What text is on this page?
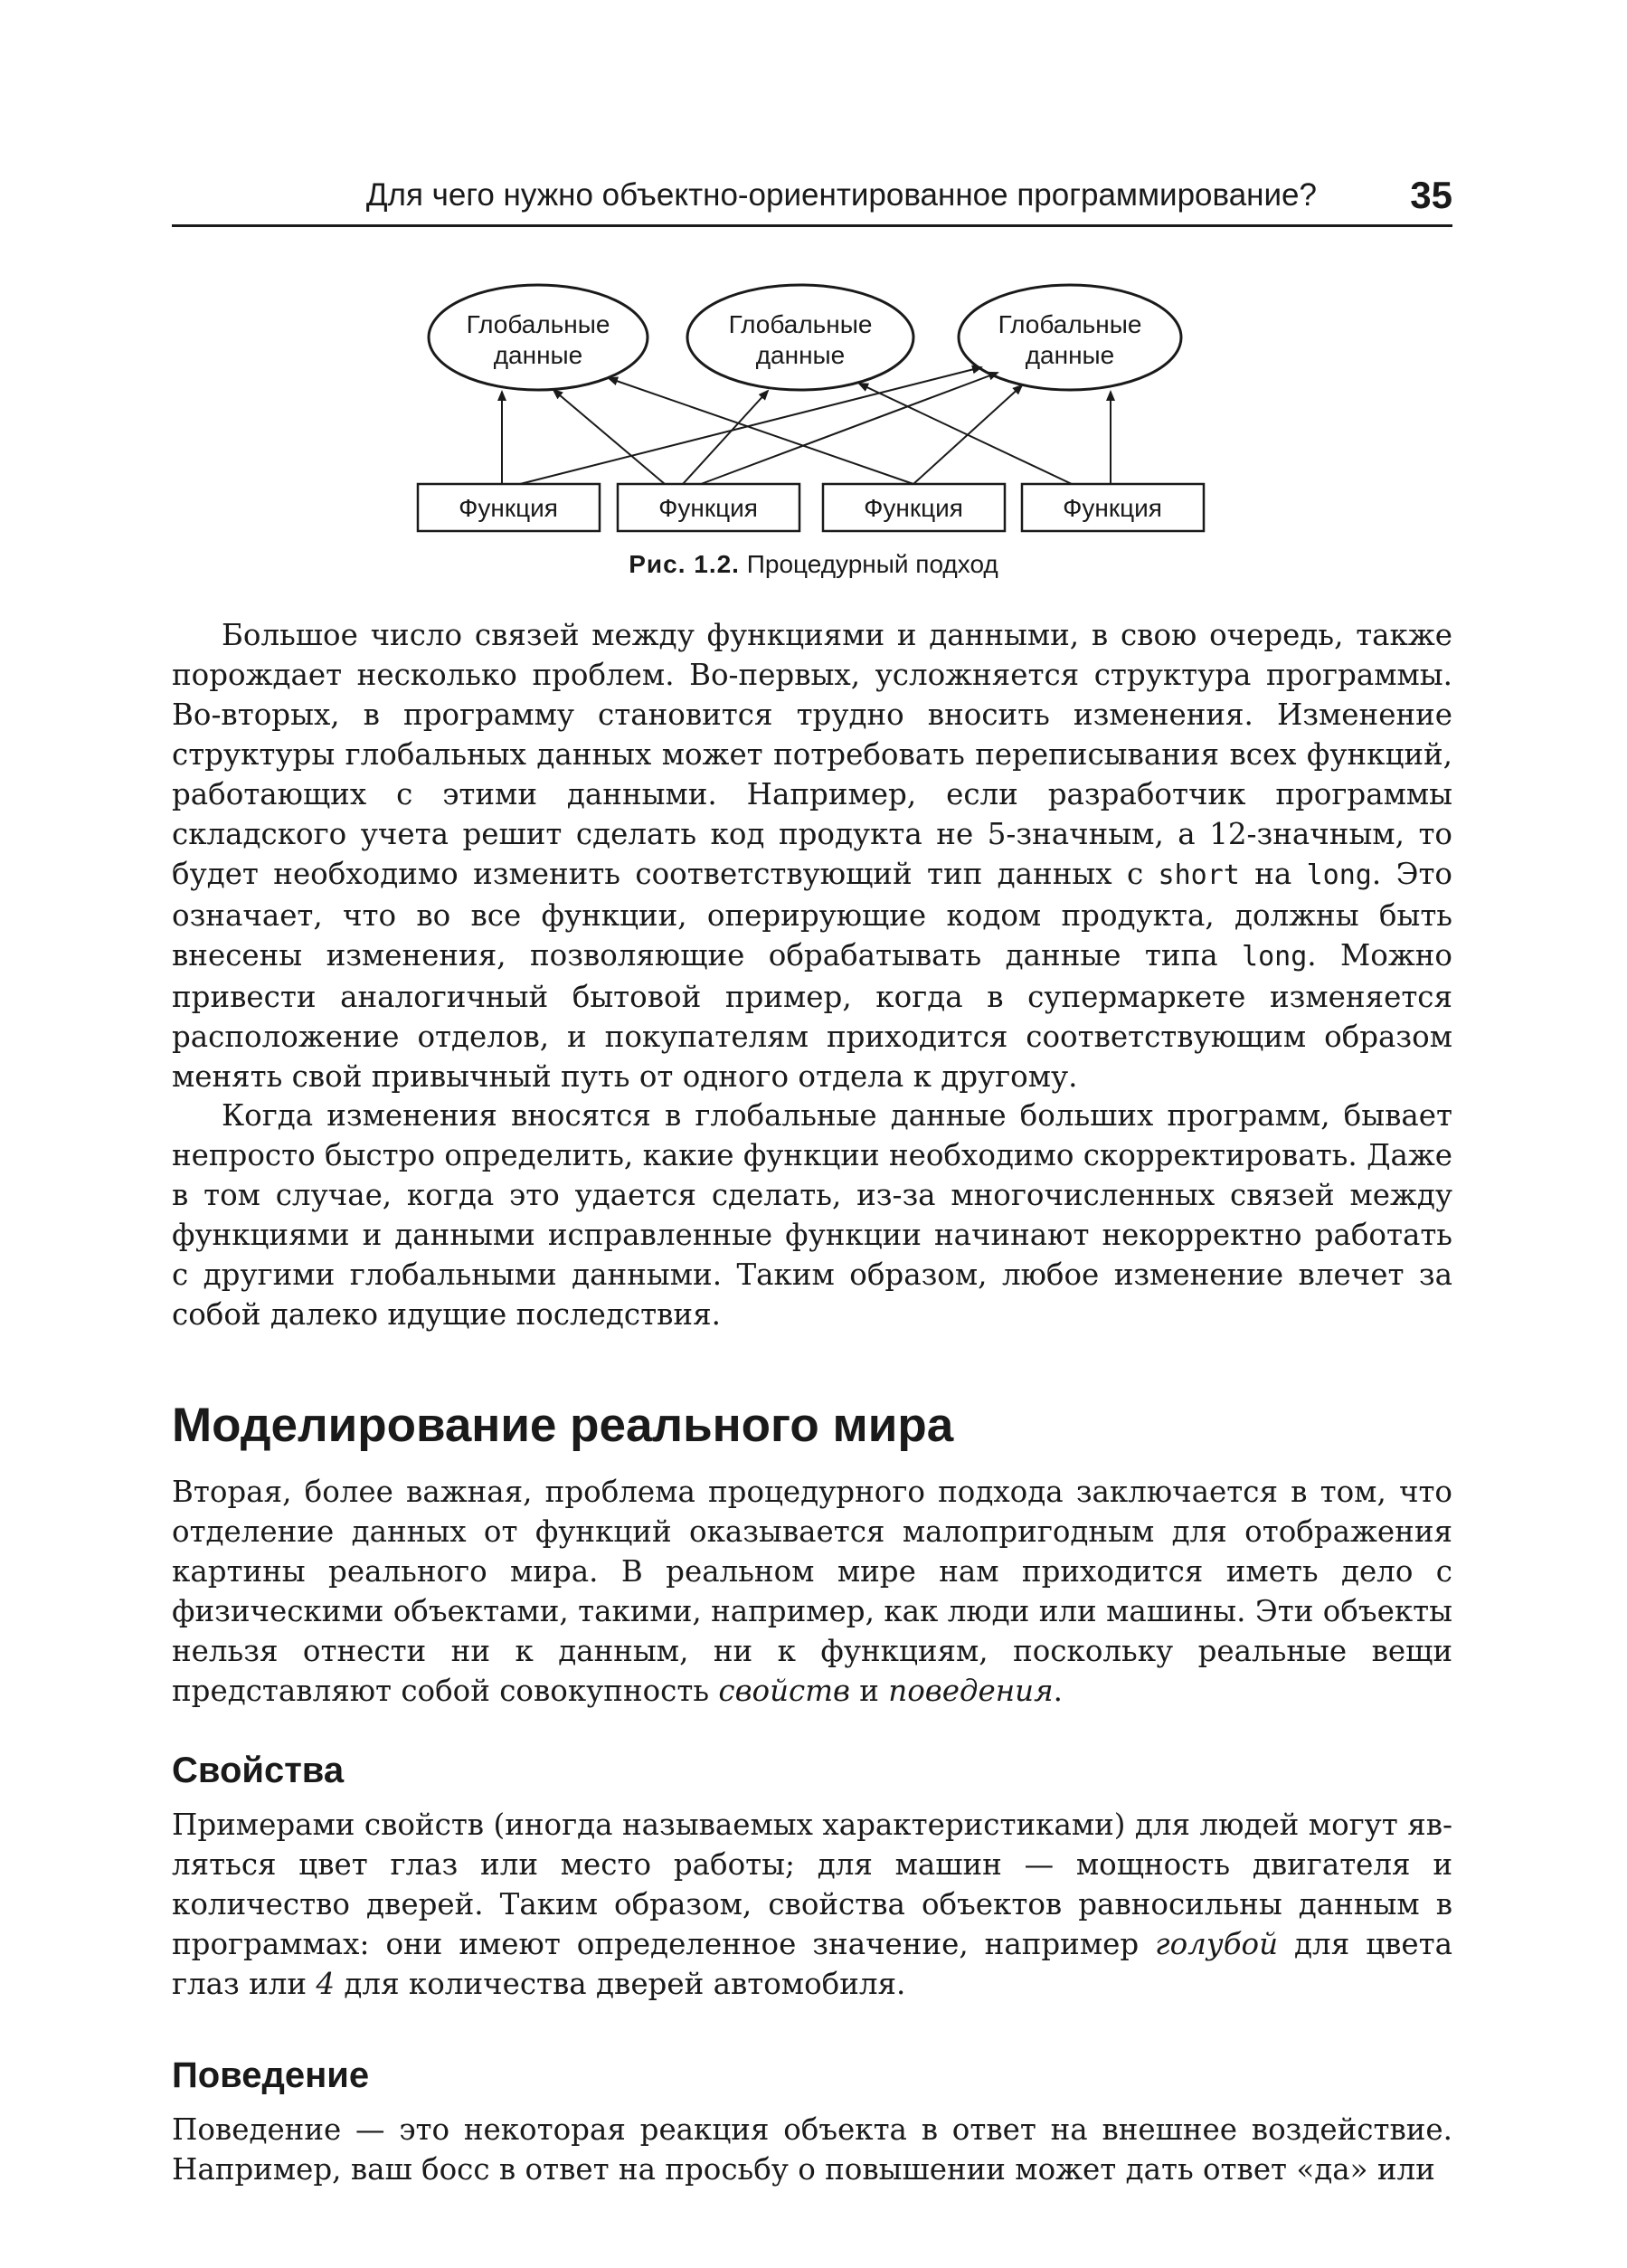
Для чего нужно объектно-ориентированное программирование? 35
Глобальные
данные
Глобальные
данные
Глобальные
данные
Функция	Функция	Функция	Функция
Рис. 1.2. Процедурный подход

Большое число связей между функциями и данными, в свою очередь, также порождает несколько проблем. Во-первых, усложняется структура программы. Во-вторых, в программу становится трудно вносить изменения. Изменение структуры глобальных данных может потребовать переписывания всех функций, работающих с этими данными. Например, если разработчик программы складского учета решит сделать код продукта не 5-значным, а 12-значным, то будет необходимо изменить соответствующий тип данных с short на long. Это означает, что во все функции, оперирующие кодом продукта, должны быть внесены изменения, позволяющие обрабатывать данные типа long. Можно привести аналогичный бытовой пример, когда в супермаркете изменяется расположение отделов, и покупателям приходится соответствующим образом менять свой привычный путь от одного отдела к другому.

Когда изменения вносятся в глобальные данные больших программ, бывает непросто быстро определить, какие функции необходимо скорректировать. Даже в том случае, когда это удается сделать, из-за многочисленных связей между функциями и данными исправленные функции начинают некорректно работать с другими глобальными данными. Таким образом, любое изменение влечет за собой далеко идущие последствия.

Моделирование реального мира

Вторая, более важная, проблема процедурного подхода заключается в том, что отделение данных от функций оказывается малопригодным для отображения картины реального мира. В реальном мире нам приходится иметь дело с физическими объектами, такими, например, как люди или машины. Эти объекты нельзя отнести ни к данным, ни к функциям, поскольку реальные вещи представляют собой совокупность свойств и поведения.

Свойства

Примерами свойств (иногда называемых характеристиками) для людей могут являться цвет глаз или место работы; для машин — мощность двигателя и количество дверей. Таким образом, свойства объектов равносильны данным в программах: они имеют определенное значение, например голубой для цвета глаз или 4 для количества дверей автомобиля.

Поведение

Поведение — это некоторая реакция объекта в ответ на внешнее воздействие. Например, ваш босс в ответ на просьбу о повышении может дать ответ «да» или
